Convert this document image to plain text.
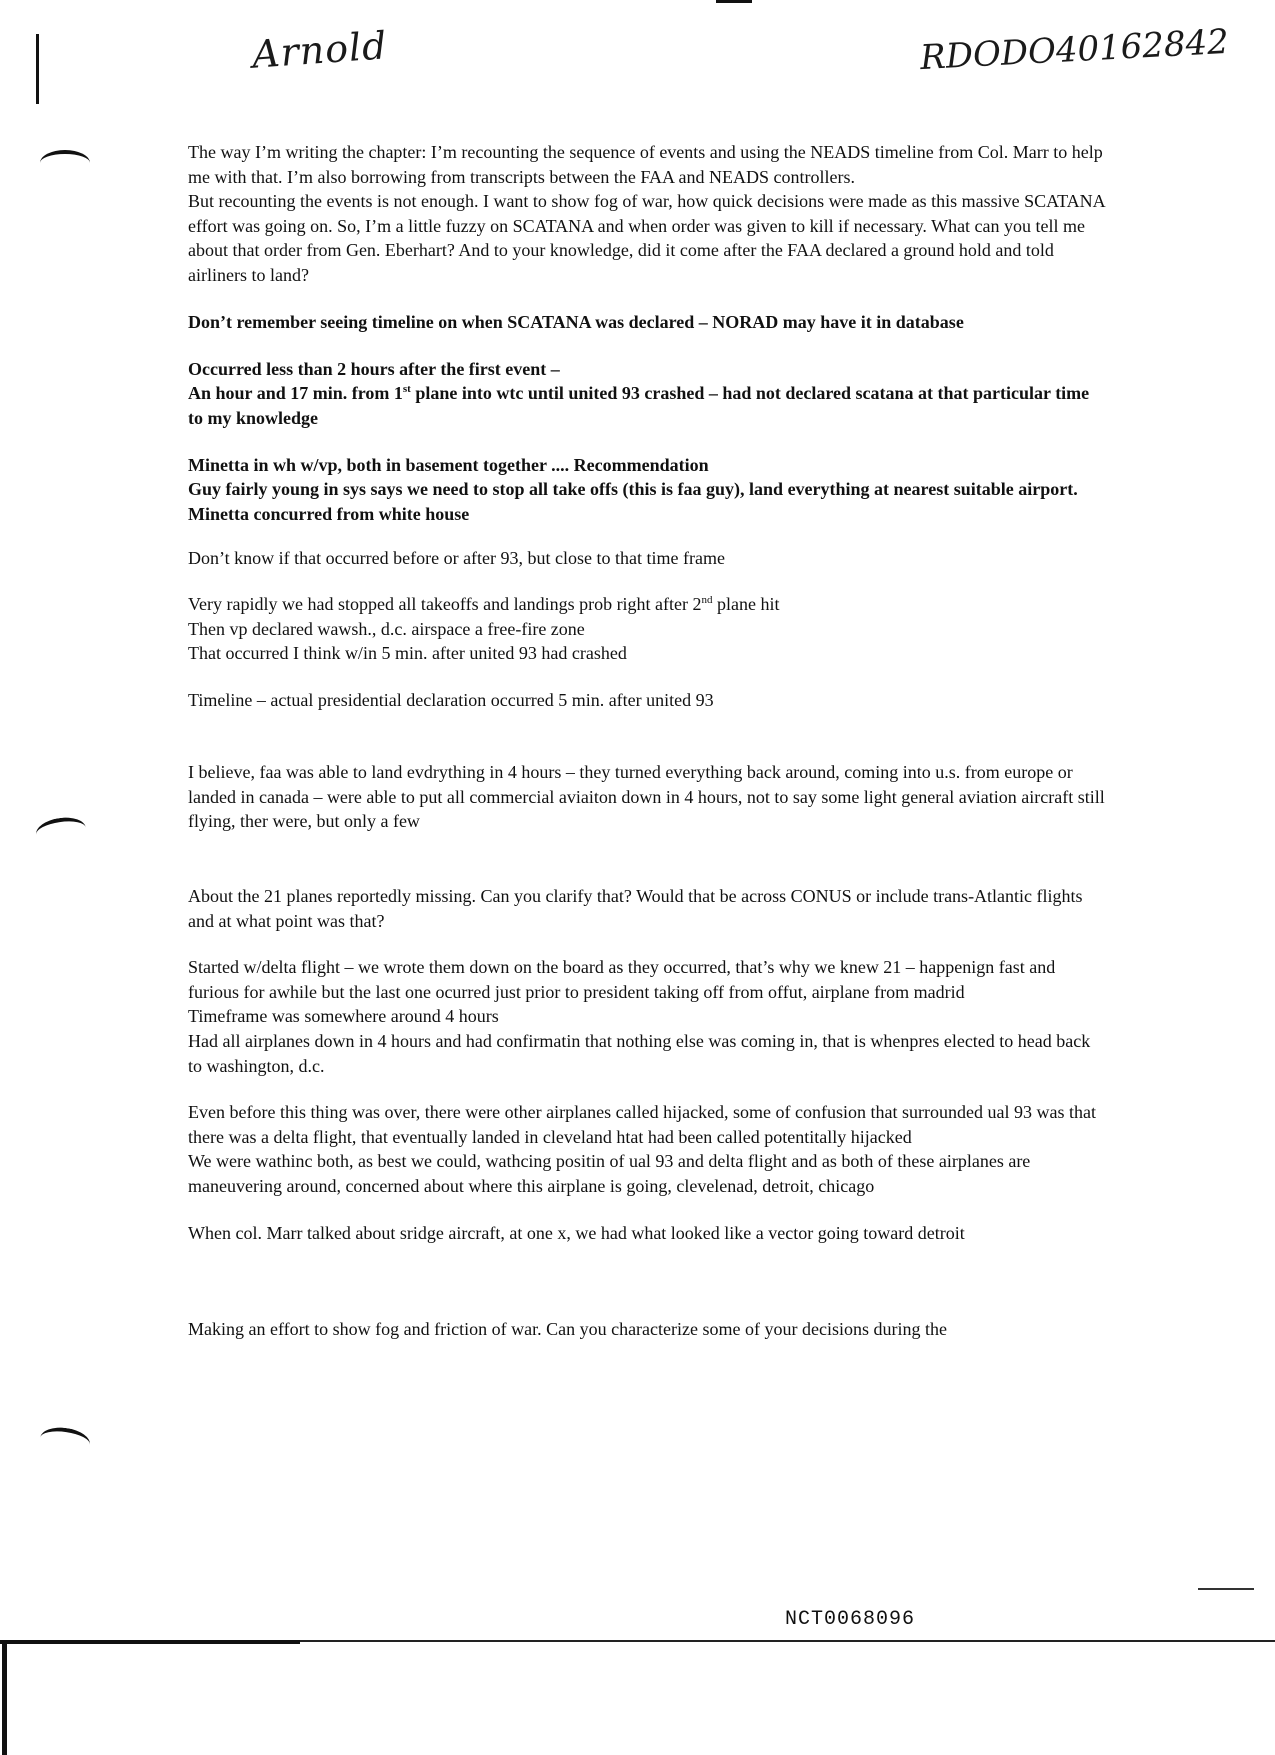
Arnold	RDODO40162842

The way I’m writing the chapter: I’m recounting the sequence of events and using the NEADS timeline from Col. Marr to help me with that. I’m also borrowing from transcripts between the FAA and NEADS controllers.
But recounting the events is not enough. I want to show fog of war, how quick decisions were made as this massive SCATANA effort was going on. So, I’m a little fuzzy on SCATANA and when order was given to kill if necessary. What can you tell me about that order from Gen. Eberhart? And to your knowledge, did it come after the FAA declared a ground hold and told airliners to land?

Don’t remember seeing timeline on when SCATANA was declared – NORAD may have it in database

Occurred less than 2 hours after the first event –
An hour and 17 min. from 1st plane into wtc until united 93 crashed – had not declared scatana at that particular time to my knowledge

Minetta in wh w/vp, both in basement together .... Recommendation
Guy fairly young in sys says we need to stop all take offs (this is faa guy), land everything at nearest suitable airport.
Minetta concurred from white house

Don’t know if that occurred before or after 93, but close to that time frame

Very rapidly we had stopped all takeoffs and landings prob right after 2nd plane hit
Then vp declared wawsh., d.c. airspace a free-fire zone
That occurred I think w/in 5 min. after united 93 had crashed

Timeline – actual presidential declaration occurred 5 min. after united 93

I believe, faa was able to land evdrything in 4 hours – they turned everything back around, coming into u.s. from europe or landed in canada – were able to put all commercial aviaiton down in 4 hours, not to say some light general aviation aircraft still flying, ther were, but only a few

About the 21 planes reportedly missing. Can you clarify that? Would that be across CONUS or include trans-Atlantic flights and at what point was that?

Started w/delta flight – we wrote them down on the board as they occurred, that’s why we knew 21 – happenign fast and furious for awhile but the last one ocurred just prior to president taking off from offut, airplane from madrid
Timeframe was somewhere around 4 hours
Had all airplanes down in 4 hours and had confirmatin that nothing else was coming in, that is whenpres elected to head back to washington, d.c.

Even before this thing was over, there were other airplanes called hijacked, some of confusion that surrounded ual 93 was that there was a delta flight, that eventually landed in cleveland htat had been called potentitally hijacked
We were wathinc both, as best we could, wathcing positin of ual 93 and delta flight and as both of these airplanes are maneuvering around, concerned about where this airplane is going, clevelenad, detroit, chicago

When col. Marr talked about sridge aircraft, at one x, we had what looked like a vector going toward detroit

Making an effort to show fog and friction of war. Can you characterize some of your decisions during the

NCT0068096
